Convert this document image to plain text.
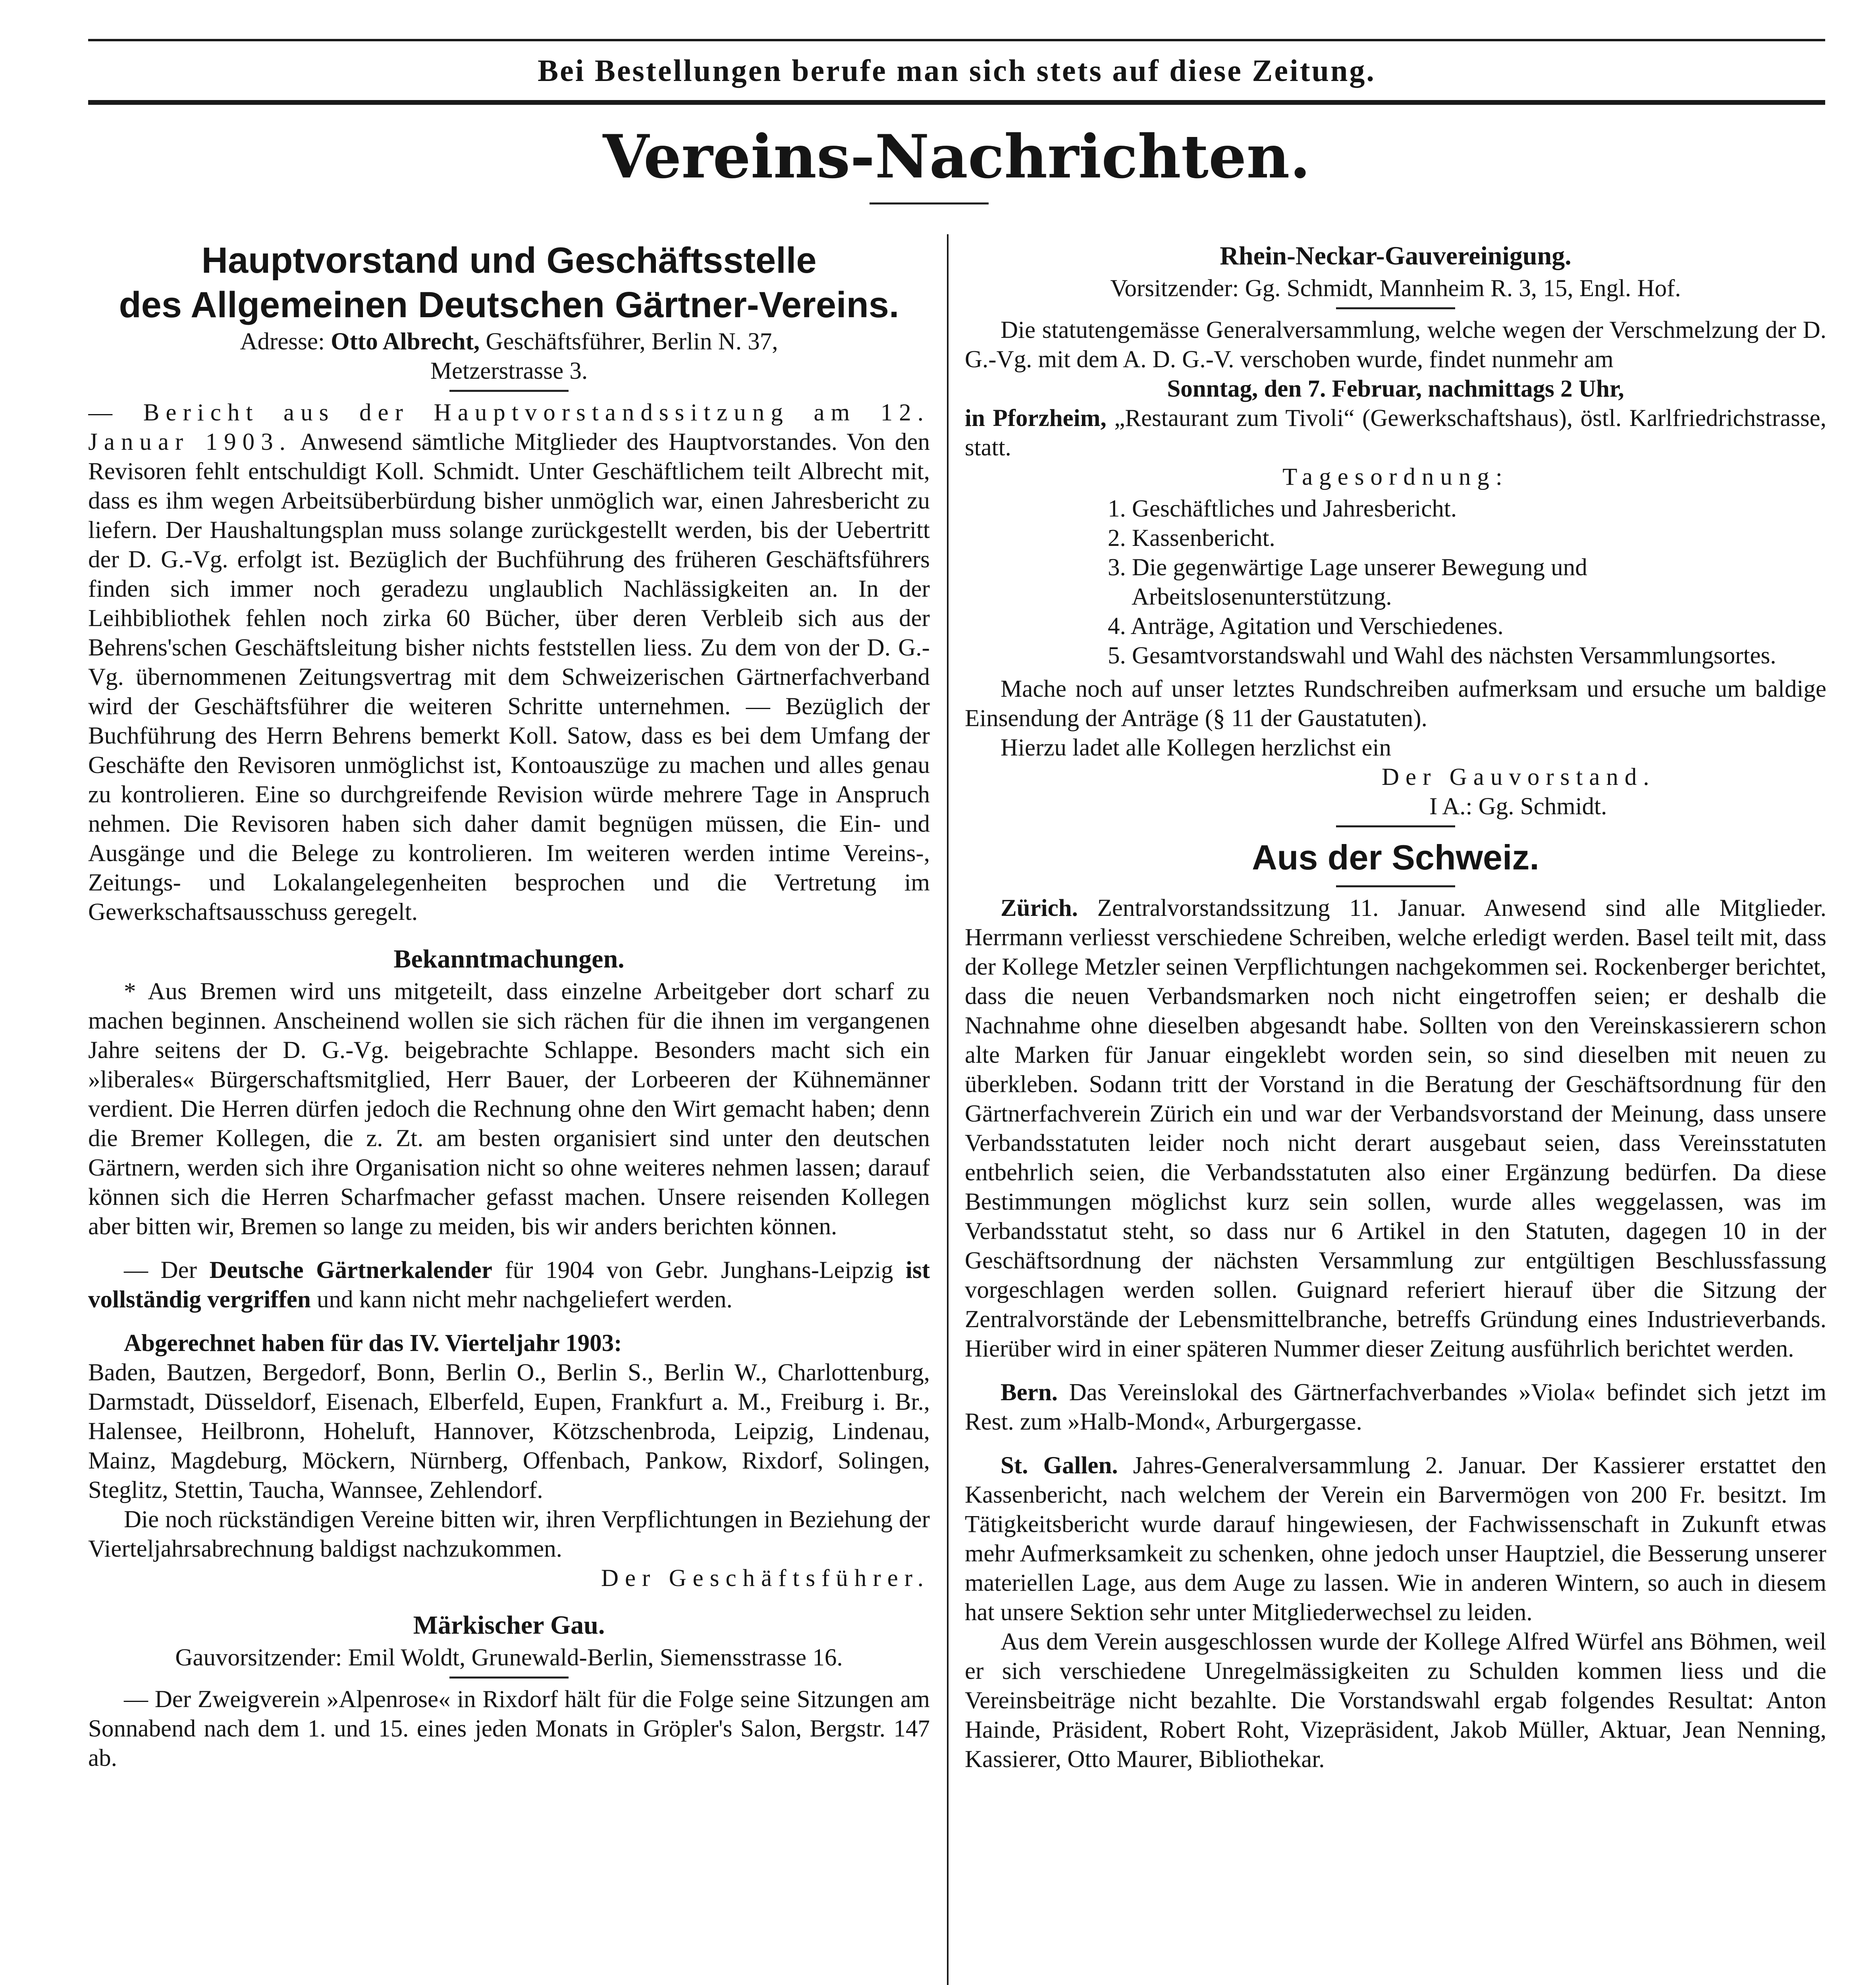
Bei Bestellungen berufe man sich stets auf diese Zeitung.
Vereins-Nachrichten.
Hauptvorstand und Geschäftsstelle
des Allgemeinen Deutschen Gärtner-Vereins.

Adresse: Otto Albrecht, Geschäftsführer, Berlin N. 37,

Metzerstrasse 3.

— Bericht aus der Hauptvorstandssitzung am 12. Januar 1903. Anwesend sämtliche Mitglieder des Hauptvorstandes. Von den Revisoren fehlt entschuldigt Koll. Schmidt. Unter Geschäftlichem teilt Albrecht mit, dass es ihm wegen Arbeitsüberbürdung bisher unmöglich war, einen Jahresbericht zu liefern. Der Haushaltungsplan muss solange zurückgestellt werden, bis der Uebertritt der D. G.-Vg. erfolgt ist. Bezüglich der Buchführung des früheren Geschäftsführers finden sich immer noch geradezu unglaublich Nachlässigkeiten an. In der Leihbibliothek fehlen noch zirka 60 Bücher, über deren Verbleib sich aus der Behrens'schen Geschäftsleitung bisher nichts feststellen liess. Zu dem von der D. G.-Vg. übernommenen Zeitungsvertrag mit dem Schweizerischen Gärtnerfachverband wird der Geschäftsführer die weiteren Schritte unternehmen. — Bezüglich der Buchführung des Herrn Behrens bemerkt Koll. Satow, dass es bei dem Umfang der Geschäfte den Revisoren unmöglichst ist, Kontoauszüge zu machen und alles genau zu kontrolieren. Eine so durchgreifende Revision würde mehrere Tage in Anspruch nehmen. Die Revisoren haben sich daher damit begnügen müssen, die Ein- und Ausgänge und die Belege zu kontrolieren. Im weiteren werden intime Vereins-, Zeitungs- und Lokalangelegenheiten besprochen und die Vertretung im Gewerkschaftsausschuss geregelt.

Bekanntmachungen.

* Aus Bremen wird uns mitgeteilt, dass einzelne Arbeitgeber dort scharf zu machen beginnen. Anscheinend wollen sie sich rächen für die ihnen im vergangenen Jahre seitens der D. G.-Vg. beigebrachte Schlappe. Besonders macht sich ein »liberales« Bürgerschaftsmitglied, Herr Bauer, der Lorbeeren der Kühnemänner verdient. Die Herren dürfen jedoch die Rechnung ohne den Wirt gemacht haben; denn die Bremer Kollegen, die z. Zt. am besten organisiert sind unter den deutschen Gärtnern, werden sich ihre Organisation nicht so ohne weiteres nehmen lassen; darauf können sich die Herren Scharfmacher gefasst machen. Unsere reisenden Kollegen aber bitten wir, Bremen so lange zu meiden, bis wir anders berichten können.

— Der Deutsche Gärtnerkalender für 1904 von Gebr. Junghans-Leipzig ist vollständig vergriffen und kann nicht mehr nachgeliefert werden.

Abgerechnet haben für das IV. Vierteljahr 1903:

Baden, Bautzen, Bergedorf, Bonn, Berlin O., Berlin S., Berlin W., Charlottenburg, Darmstadt, Düsseldorf, Eisenach, Elberfeld, Eupen, Frankfurt a. M., Freiburg i. Br., Halensee, Heilbronn, Hoheluft, Hannover, Kötzschenbroda, Leipzig, Lindenau, Mainz, Magdeburg, Möckern, Nürnberg, Offenbach, Pankow, Rixdorf, Solingen, Steglitz, Stettin, Taucha, Wannsee, Zehlendorf.

Die noch rückständigen Vereine bitten wir, ihren Verpflichtungen in Beziehung der Vierteljahrsabrechnung baldigst nachzukommen.

Der Geschäftsführer.

Märkischer Gau.

Gauvorsitzender: Emil Woldt, Grunewald-Berlin, Siemensstrasse 16.

— Der Zweigverein »Alpenrose« in Rixdorf hält für die Folge seine Sitzungen am Sonnabend nach dem 1. und 15. eines jeden Monats in Gröpler's Salon, Bergstr. 147 ab.

Rhein-Neckar-Gauvereinigung.

Vorsitzender: Gg. Schmidt, Mannheim R. 3, 15, Engl. Hof.

Die statutengemässe Generalversammlung, welche wegen der Verschmelzung der D. G.-Vg. mit dem A. D. G.-V. verschoben wurde, findet nunmehr am

Sonntag, den 7. Februar, nachmittags 2 Uhr,

in Pforzheim, „Restaurant zum Tivoli“ (Gewerkschaftshaus), östl. Karlfriedrichstrasse, statt.

Tagesordnung:

1. Geschäftliches und Jahresbericht.
2. Kassenbericht.
3. Die gegenwärtige Lage unserer Bewegung und Arbeitslosenunterstützung.
4. Anträge, Agitation und Verschiedenes.
5. Gesamtvorstandswahl und Wahl des nächsten Versammlungsortes.

Mache noch auf unser letztes Rundschreiben aufmerksam und ersuche um baldige Einsendung der Anträge (§ 11 der Gaustatuten).

Hierzu ladet alle Kollegen herzlichst ein

Der Gauvorstand.

I A.: Gg. Schmidt.

Aus der Schweiz.

Zürich. Zentralvorstandssitzung 11. Januar. Anwesend sind alle Mitglieder. Herrmann verliesst verschiedene Schreiben, welche erledigt werden. Basel teilt mit, dass der Kollege Metzler seinen Verpflichtungen nachgekommen sei. Rockenberger berichtet, dass die neuen Verbandsmarken noch nicht eingetroffen seien; er deshalb die Nachnahme ohne dieselben abgesandt habe. Sollten von den Vereinskassierern schon alte Marken für Januar eingeklebt worden sein, so sind dieselben mit neuen zu überkleben. Sodann tritt der Vorstand in die Beratung der Geschäftsordnung für den Gärtnerfachverein Zürich ein und war der Verbandsvorstand der Meinung, dass unsere Verbandsstatuten leider noch nicht derart ausgebaut seien, dass Vereinsstatuten entbehrlich seien, die Verbandsstatuten also einer Ergänzung bedürfen. Da diese Bestimmungen möglichst kurz sein sollen, wurde alles weggelassen, was im Verbandsstatut steht, so dass nur 6 Artikel in den Statuten, dagegen 10 in der Geschäftsordnung der nächsten Versammlung zur entgültigen Beschlussfassung vorgeschlagen werden sollen. Guignard referiert hierauf über die Sitzung der Zentralvorstände der Lebensmittelbranche, betreffs Gründung eines Industrieverbands. Hierüber wird in einer späteren Nummer dieser Zeitung ausführlich berichtet werden.

Bern. Das Vereinslokal des Gärtnerfachverbandes »Viola« befindet sich jetzt im Rest. zum »Halb-Mond«, Arburgergasse.

St. Gallen. Jahres-Generalversammlung 2. Januar. Der Kassierer erstattet den Kassenbericht, nach welchem der Verein ein Barvermögen von 200 Fr. besitzt. Im Tätigkeitsbericht wurde darauf hingewiesen, der Fachwissenschaft in Zukunft etwas mehr Aufmerksamkeit zu schenken, ohne jedoch unser Hauptziel, die Besserung unserer materiellen Lage, aus dem Auge zu lassen. Wie in anderen Wintern, so auch in diesem hat unsere Sektion sehr unter Mitgliederwechsel zu leiden.

Aus dem Verein ausgeschlossen wurde der Kollege Alfred Würfel ans Böhmen, weil er sich verschiedene Unregelmässigkeiten zu Schulden kommen liess und die Vereinsbeiträge nicht bezahlte. Die Vorstandswahl ergab folgendes Resultat: Anton Hainde, Präsident, Robert Roht, Vizepräsident, Jakob Müller, Aktuar, Jean Nenning, Kassierer, Otto Maurer, Bibliothekar.
